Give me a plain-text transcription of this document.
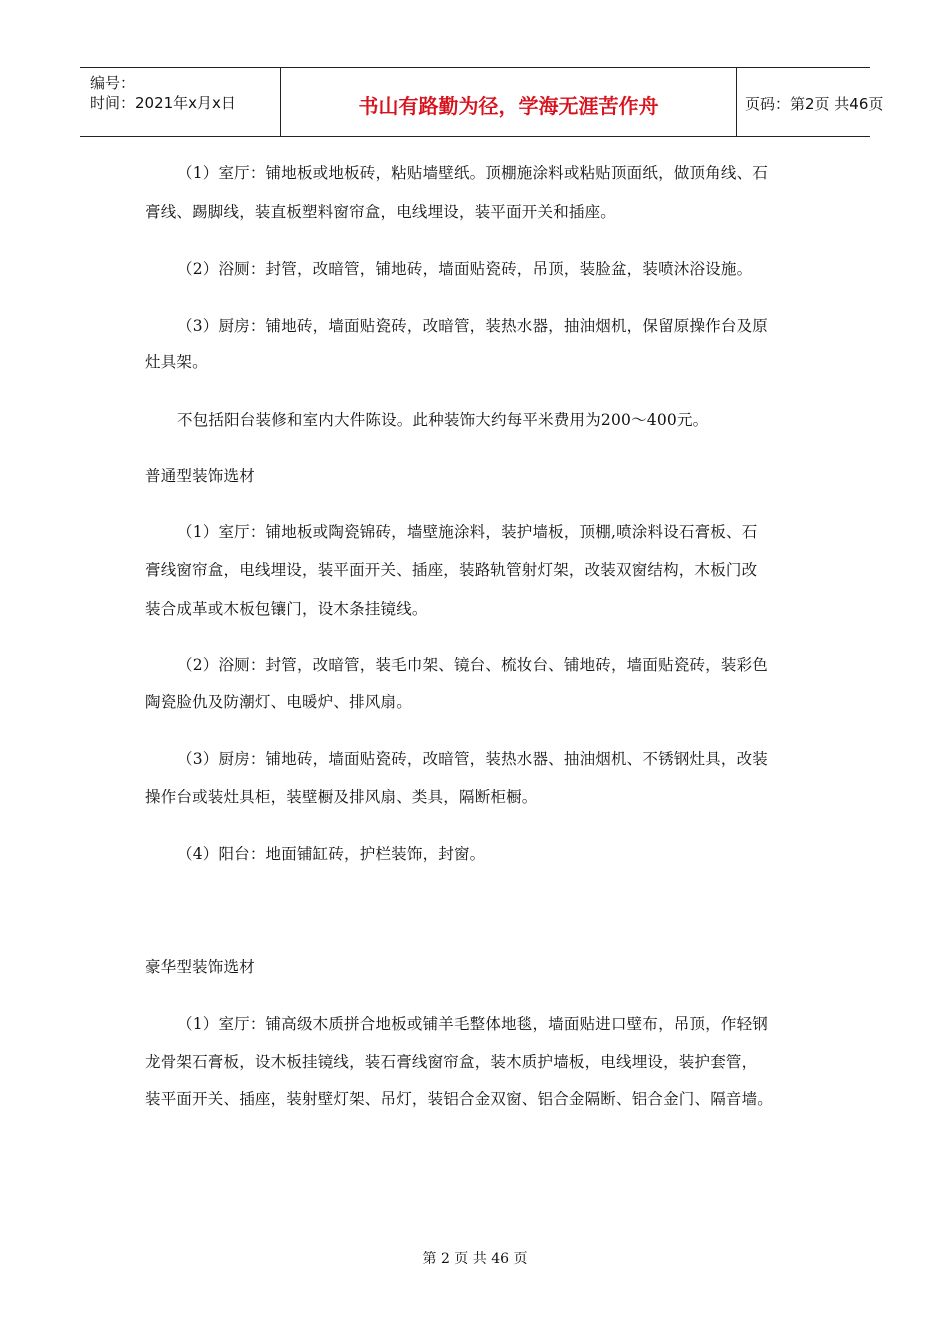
编号：
时间：2021年x月x日	书山有路勤为径，学海无涯苦作舟	页码：第2页 共46页
（1）室厅：铺地板或地板砖，粘贴墙壁纸。顶棚施涂料或粘贴顶面纸，做顶角线、石
膏线、踢脚线，装直板塑料窗帘盒，电线埋设，装平面开关和插座。
（2）浴厕：封管，改暗管，铺地砖，墙面贴瓷砖，吊顶，装脸盆，装喷沐浴设施。
（3）厨房：铺地砖，墙面贴瓷砖，改暗管，装热水器，抽油烟机，保留原操作台及原
灶具架。
不包括阳台装修和室内大件陈设。此种装饰大约每平米费用为200～400元。
普通型装饰选材
（1）室厅：铺地板或陶瓷锦砖，墙壁施涂料，装护墙板，顶棚,喷涂料设石膏板、石
膏线窗帘盒，电线埋设，装平面开关、插座，装路轨管射灯架，改装双窗结构，木板门改
装合成革或木板包镶门，设木条挂镜线。
（2）浴厕：封管，改暗管，装毛巾架、镜台、梳妆台、铺地砖，墙面贴瓷砖，装彩色
陶瓷脸仇及防潮灯、电暖炉、排风扇。
（3）厨房：铺地砖，墙面贴瓷砖，改暗管，装热水器、抽油烟机、不锈钢灶具，改装
操作台或装灶具柜，装壁橱及排风扇、类具，隔断柜橱。
（4）阳台：地面铺缸砖，护栏装饰，封窗。
豪华型装饰选材
（1）室厅：铺高级木质拼合地板或铺羊毛整体地毯，墙面贴进口壁布，吊顶，作轻钢
龙骨架石膏板，设木板挂镜线，装石膏线窗帘盒，装木质护墙板，电线埋设，装护套管，
装平面开关、插座，装射壁灯架、吊灯，装铝合金双窗、铝合金隔断、铝合金门、隔音墙。
第 2 页 共 46 页
